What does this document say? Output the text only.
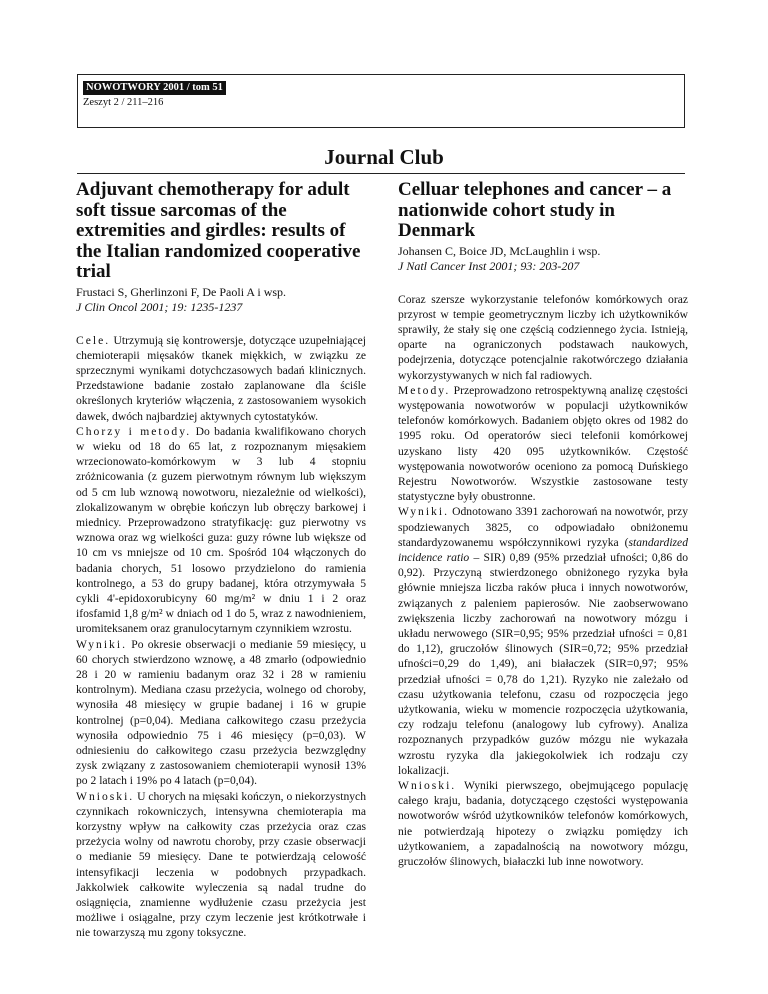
NOWOTWORY 2001 / tom 51
Zeszyt 2 / 211–216
Journal Club
Adjuvant chemotherapy for adult soft tissue sarcomas of the extremities and girdles: results of the Italian randomized cooperative trial
Frustaci S, Gherlinzoni F, De Paoli A i wsp.
J Clin Oncol 2001; 19: 1235-1237

Cele. Utrzymują się kontrowersje, dotyczące uzupełniającej chemioterapii mięsaków tkanek miękkich, w związku ze sprzecznymi wynikami dotychczasowych badań klinicznych. Przedstawione badanie zostało zaplanowane dla ściśle określonych kryteriów włączenia, z zastosowaniem wysokich dawek, dwóch najbardziej aktywnych cytostatyków.

Chorzy i metody. Do badania kwalifikowano chorych w wieku od 18 do 65 lat, z rozpoznanym mięsakiem wrzecionowato-komórkowym w 3 lub 4 stopniu zróżnicowania (z guzem pierwotnym równym lub większym od 5 cm lub wznową nowotworu, niezależnie od wielkości), zlokalizowanym w obrębie kończyn lub obręczy barkowej i miednicy. Przeprowadzono stratyfikację: guz pierwotny vs wznowa oraz wg wielkości guza: guzy równe lub większe od 10 cm vs mniejsze od 10 cm. Spośród 104 włączonych do badania chorych, 51 losowo przydzielono do ramienia kontrolnego, a 53 do grupy badanej, która otrzymywała 5 cykli 4'-epidoxorubicyny 60 mg/m² w dniu 1 i 2 oraz ifosfamid 1,8 g/m² w dniach od 1 do 5, wraz z nawodnieniem, uromiteksanem oraz granulocytarnym czynnikiem wzrostu.

Wyniki. Po okresie obserwacji o medianie 59 miesięcy, u 60 chorych stwierdzono wznowę, a 48 zmarło (odpowiednio 28 i 20 w ramieniu badanym oraz 32 i 28 w ramieniu kontrolnym). Mediana czasu przeżycia, wolnego od choroby, wynosiła 48 miesięcy w grupie badanej i 16 w grupie kontrolnej (p=0,04). Mediana całkowitego czasu przeżycia wynosiła odpowiednio 75 i 46 miesięcy (p=0,03). W odniesieniu do całkowitego czasu przeżycia bezwzględny zysk związany z zastosowaniem chemioterapii wynosił 13% po 2 latach i 19% po 4 latach (p=0,04).

Wnioski. U chorych na mięsaki kończyn, o niekorzystnych czynnikach rokowniczych, intensywna chemioterapia ma korzystny wpływ na całkowity czas przeżycia oraz czas przeżycia wolny od nawrotu choroby, przy czasie obserwacji o medianie 59 miesięcy. Dane te potwierdzają celowość intensyfikacji leczenia w podobnych przypadkach. Jakkolwiek całkowite wyleczenia są nadal trudne do osiągnięcia, znamienne wydłużenie czasu przeżycia jest możliwe i osiągalne, przy czym leczenie jest krótkotrwałe i nie towarzyszą mu zgony toksyczne.

Celluar telephones and cancer – a nationwide cohort study in Denmark
Johansen C, Boice JD, McLaughlin i wsp.
J Natl Cancer Inst 2001; 93: 203-207

Coraz szersze wykorzystanie telefonów komórkowych oraz przyrost w tempie geometrycznym liczby ich użytkowników sprawiły, że stały się one częścią codziennego życia. Istnieją, oparte na ograniczonych podstawach naukowych, podejrzenia, dotyczące potencjalnie rakotwórczego działania wykorzystywanych w nich fal radiowych.

Metody. Przeprowadzono retrospektywną analizę częstości występowania nowotworów w populacji użytkowników telefonów komórkowych. Badaniem objęto okres od 1982 do 1995 roku. Od operatorów sieci telefonii komórkowej uzyskano listy 420 095 użytkowników. Częstość występowania nowotworów oceniono za pomocą Duńskiego Rejestru Nowotworów. Wszystkie zastosowane testy statystyczne były obustronne.

Wyniki. Odnotowano 3391 zachorowań na nowotwór, przy spodziewanych 3825, co odpowiadało obniżonemu standardyzowanemu współczynnikowi ryzyka (standardized incidence ratio – SIR) 0,89 (95% przedział ufności; 0,86 do 0,92). Przyczyną stwierdzonego obniżonego ryzyka była głównie mniejsza liczba raków płuca i innych nowotworów, związanych z paleniem papierosów. Nie zaobserwowano zwiększenia liczby zachorowań na nowotwory mózgu i układu nerwowego (SIR=0,95; 95% przedział ufności = 0,81 do 1,12), gruczołów ślinowych (SIR=0,72; 95% przedział ufności=0,29 do 1,49), ani białaczek (SIR=0,97; 95% przedział ufności = 0,78 do 1,21). Ryzyko nie zależało od czasu użytkowania telefonu, czasu od rozpoczęcia jego użytkowania, wieku w momencie rozpoczęcia użytkowania, czy rodzaju telefonu (analogowy lub cyfrowy). Analiza rozpoznanych przypadków guzów mózgu nie wykazała wzrostu ryzyka dla jakiegokolwiek ich rodzaju czy lokalizacji.

Wnioski. Wyniki pierwszego, obejmującego populację całego kraju, badania, dotyczącego częstości występowania nowotworów wśród użytkowników telefonów komórkowych, nie potwierdzają hipotezy o związku pomiędzy ich użytkowaniem, a zapadalnością na nowotwory mózgu, gruczołów ślinowych, białaczki lub inne nowotwory.
